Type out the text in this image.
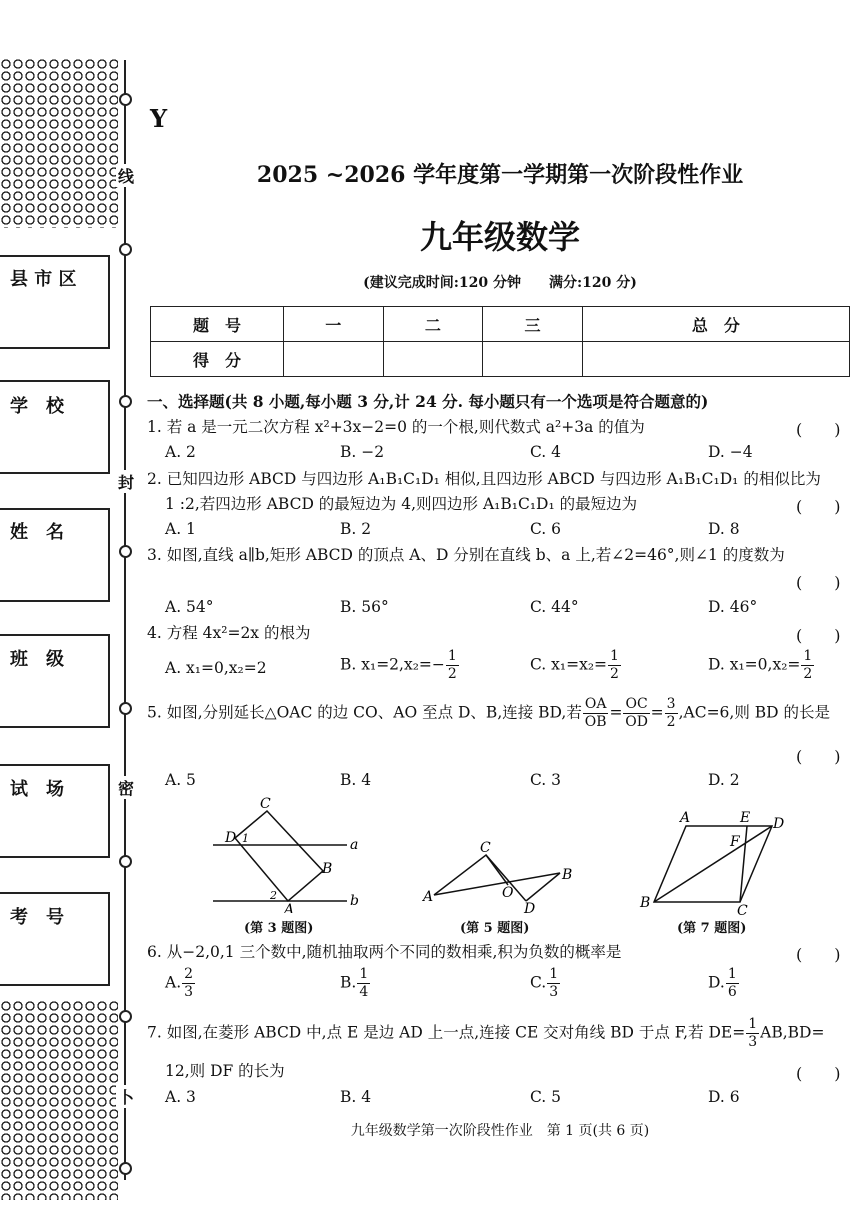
线
封
密
卜
县 市 区
学　校
姓　名
班　级
试　场
考　号
Y
2025 ~2026 学年度第一学期第一次阶段性作业
九年级数学
(建议完成时间:120 分钟　　满分:120 分)
题　号	一	二	三	总　分
得　分				
一、选择题(共 8 小题,每小题 3 分,计 24 分. 每小题只有一个选项是符合题意的)
1. 若 a 是一元二次方程 x²+3x−2=0 的一个根,则代数式 a²+3a 的值为	(　　)
A. 2	B. −2	C. 4	D. −4
2. 已知四边形 ABCD 与四边形 A₁B₁C₁D₁ 相似,且四边形 ABCD 与四边形 A₁B₁C₁D₁ 的相似比为
1 :2,若四边形 ABCD 的最短边为 4,则四边形 A₁B₁C₁D₁ 的最短边为	(　　)
A. 1	B. 2	C. 6	D. 8
3. 如图,直线 a∥b,矩形 ABCD 的顶点 A、D 分别在直线 b、a 上,若∠2=46°,则∠1 的度数为
(　　)
A. 54°	B. 56°	C. 44°	D. 46°
4. 方程 4x²=2x 的根为	(　　)
A. x₁=0,x₂=2	B. $x_1=2,x_2=- \frac{1}{2}$	C. $x_1=x_2= \frac{1}{2}$	D. $x_1=0,x_2= \frac{1}{2}$
5. 如图,分别延长△OAC 的边 CO、AO 至点 D、B,连接 BD,若 $\frac{OA}{OB} = \frac{OC}{OD} = \frac{3}{2} ,AC=6$,则 BD 的长是
(　　)
A. 5	B. 4	C. 3	D. 2
C
D 1	a
B
2
A
b
(第 3 题图)
C
A	O
B
D
(第 5 题图)
A	E D
F
B	C
(第 7 题图)
6. 从−2,0,1 三个数中,随机抽取两个不同的数相乘,积为负数的概率是	(　　)
A. $\frac{2}{3}$	B. $\frac{1}{4}$	C. $\frac{1}{3}$	D. $\frac{1}{6}$
7. 如图,在菱形 ABCD 中,点 E 是边 AD 上一点,连接 CE 交对角线 BD 于点 F,若 $DE= \frac{1}{3} AB,BD=$
12,则 DF 的长为	(　　)
A. 3	B. 4	C. 5	D. 6
九年级数学第一次阶段性作业　第 1 页(共 6 页)
